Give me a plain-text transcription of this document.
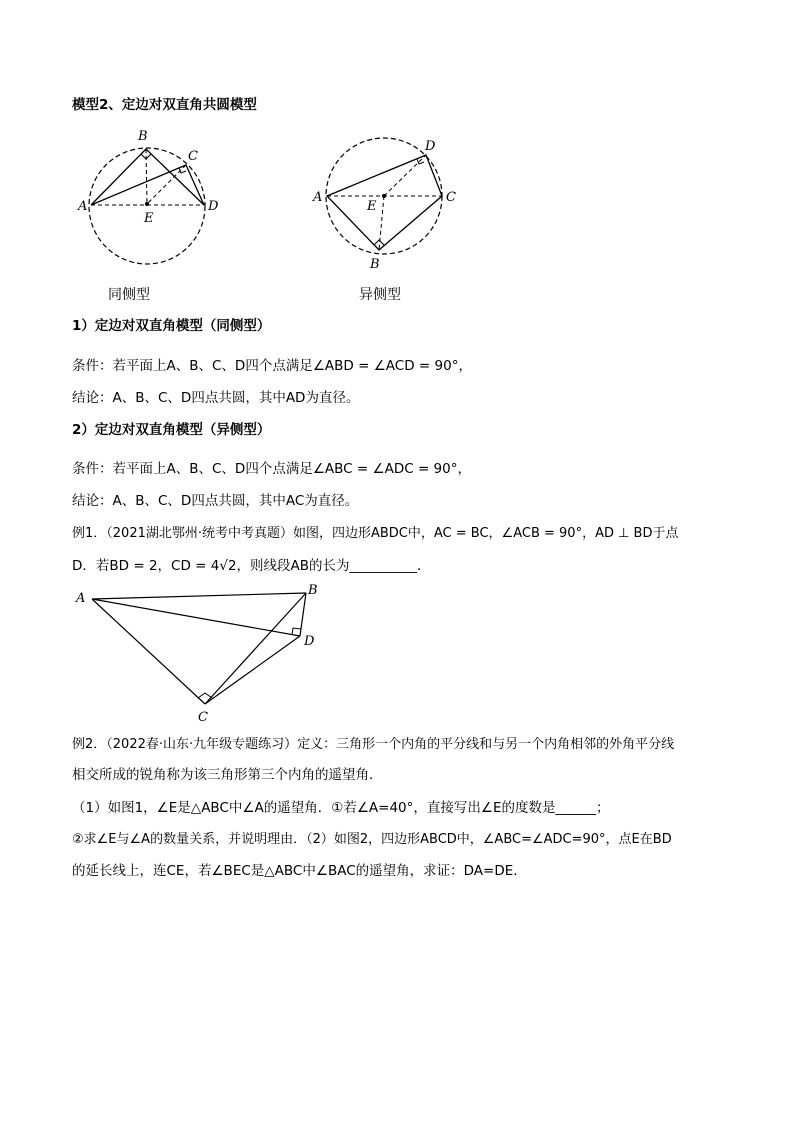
模型2、定边对双直角共圆模型
A
B
C
D
E
同侧型
A
B
C
D
E
异侧型
1）定边对双直角模型（同侧型）
条件：若平面上A、B、C、D四个点满足∠ABD = ∠ACD = 90°，
结论：A、B、C、D四点共圆，其中AD为直径。
2）定边对双直角模型（异侧型）
条件：若平面上A、B、C、D四个点满足∠ABC = ∠ADC = 90°，
结论：A、B、C、D四点共圆，其中AC为直径。
例1．（2021湖北鄂州·统考中考真题）如图，四边形ABDC中，AC = BC，∠ACB = 90°，AD ⊥ BD于点
D．若BD = 2，CD = 4√2，则线段AB的长为__________．
A
B
C
D
例2．（2022春·山东·九年级专题练习）定义：三角形一个内角的平分线和与另一个内角相邻的外角平分线
相交所成的锐角称为该三角形第三个内角的遥望角．
（1）如图1，∠E是△ABC中∠A的遥望角．①若∠A=40°，直接写出∠E的度数是______；
②求∠E与∠A的数量关系，并说明理由．（2）如图2，四边形ABCD中，∠ABC=∠ADC=90°，点E在BD
的延长线上，连CE，若∠BEC是△ABC中∠BAC的遥望角，求证：DA=DE．
